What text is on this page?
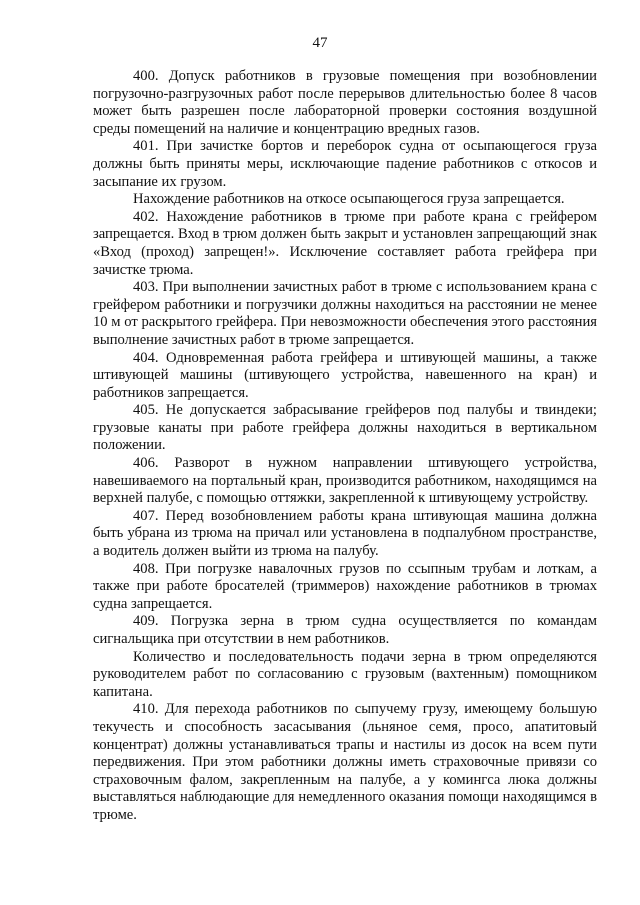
47

400. Допуск работников в грузовые помещения при возобновлении погрузочно-разгрузочных работ после перерывов длительностью более 8 часов может быть разрешен после лабораторной проверки состояния воздушной среды помещений на наличие и концентрацию вредных газов.

401. При зачистке бортов и переборок судна от осыпающегося груза должны быть приняты меры, исключающие падение работников с откосов и засыпание их грузом.

Нахождение работников на откосе осыпающегося груза запрещается.

402. Нахождение работников в трюме при работе крана с грейфером запрещается. Вход в трюм должен быть закрыт и установлен запрещающий знак «Вход (проход) запрещен!». Исключение составляет работа грейфера при зачистке трюма.

403. При выполнении зачистных работ в трюме с использованием крана с грейфером работники и погрузчики должны находиться на расстоянии не менее 10 м от раскрытого грейфера. При невозможности обеспечения этого расстояния выполнение зачистных работ в трюме запрещается.

404. Одновременная работа грейфера и штивующей машины, а также штивующей машины (штивующего устройства, навешенного на кран) и работников запрещается.

405. Не допускается забрасывание грейферов под палубы и твиндеки; грузовые канаты при работе грейфера должны находиться в вертикальном положении.

406. Разворот в нужном направлении штивующего устройства, навешиваемого на портальный кран, производится работником, находящимся на верхней палубе, с помощью оттяжки, закрепленной к штивующему устройству.

407. Перед возобновлением работы крана штивующая машина должна быть убрана из трюма на причал или установлена в подпалубном пространстве, а водитель должен выйти из трюма на палубу.

408. При погрузке навалочных грузов по ссыпным трубам и лоткам, а также при работе бросателей (триммеров) нахождение работников в трюмах судна запрещается.

409. Погрузка зерна в трюм судна осуществляется по командам сигнальщика при отсутствии в нем работников.

Количество и последовательность подачи зерна в трюм определяются руководителем работ по согласованию с грузовым (вахтенным) помощником капитана.

410. Для перехода работников по сыпучему грузу, имеющему большую текучесть и способность засасывания (льняное семя, просо, апатитовый концентрат) должны устанавливаться трапы и настилы из досок на всем пути передвижения. При этом работники должны иметь страховочные привязи со страховочным фалом, закрепленным на палубе, а у комингса люка должны выставляться наблюдающие для немедленного оказания помощи находящимся в трюме.
